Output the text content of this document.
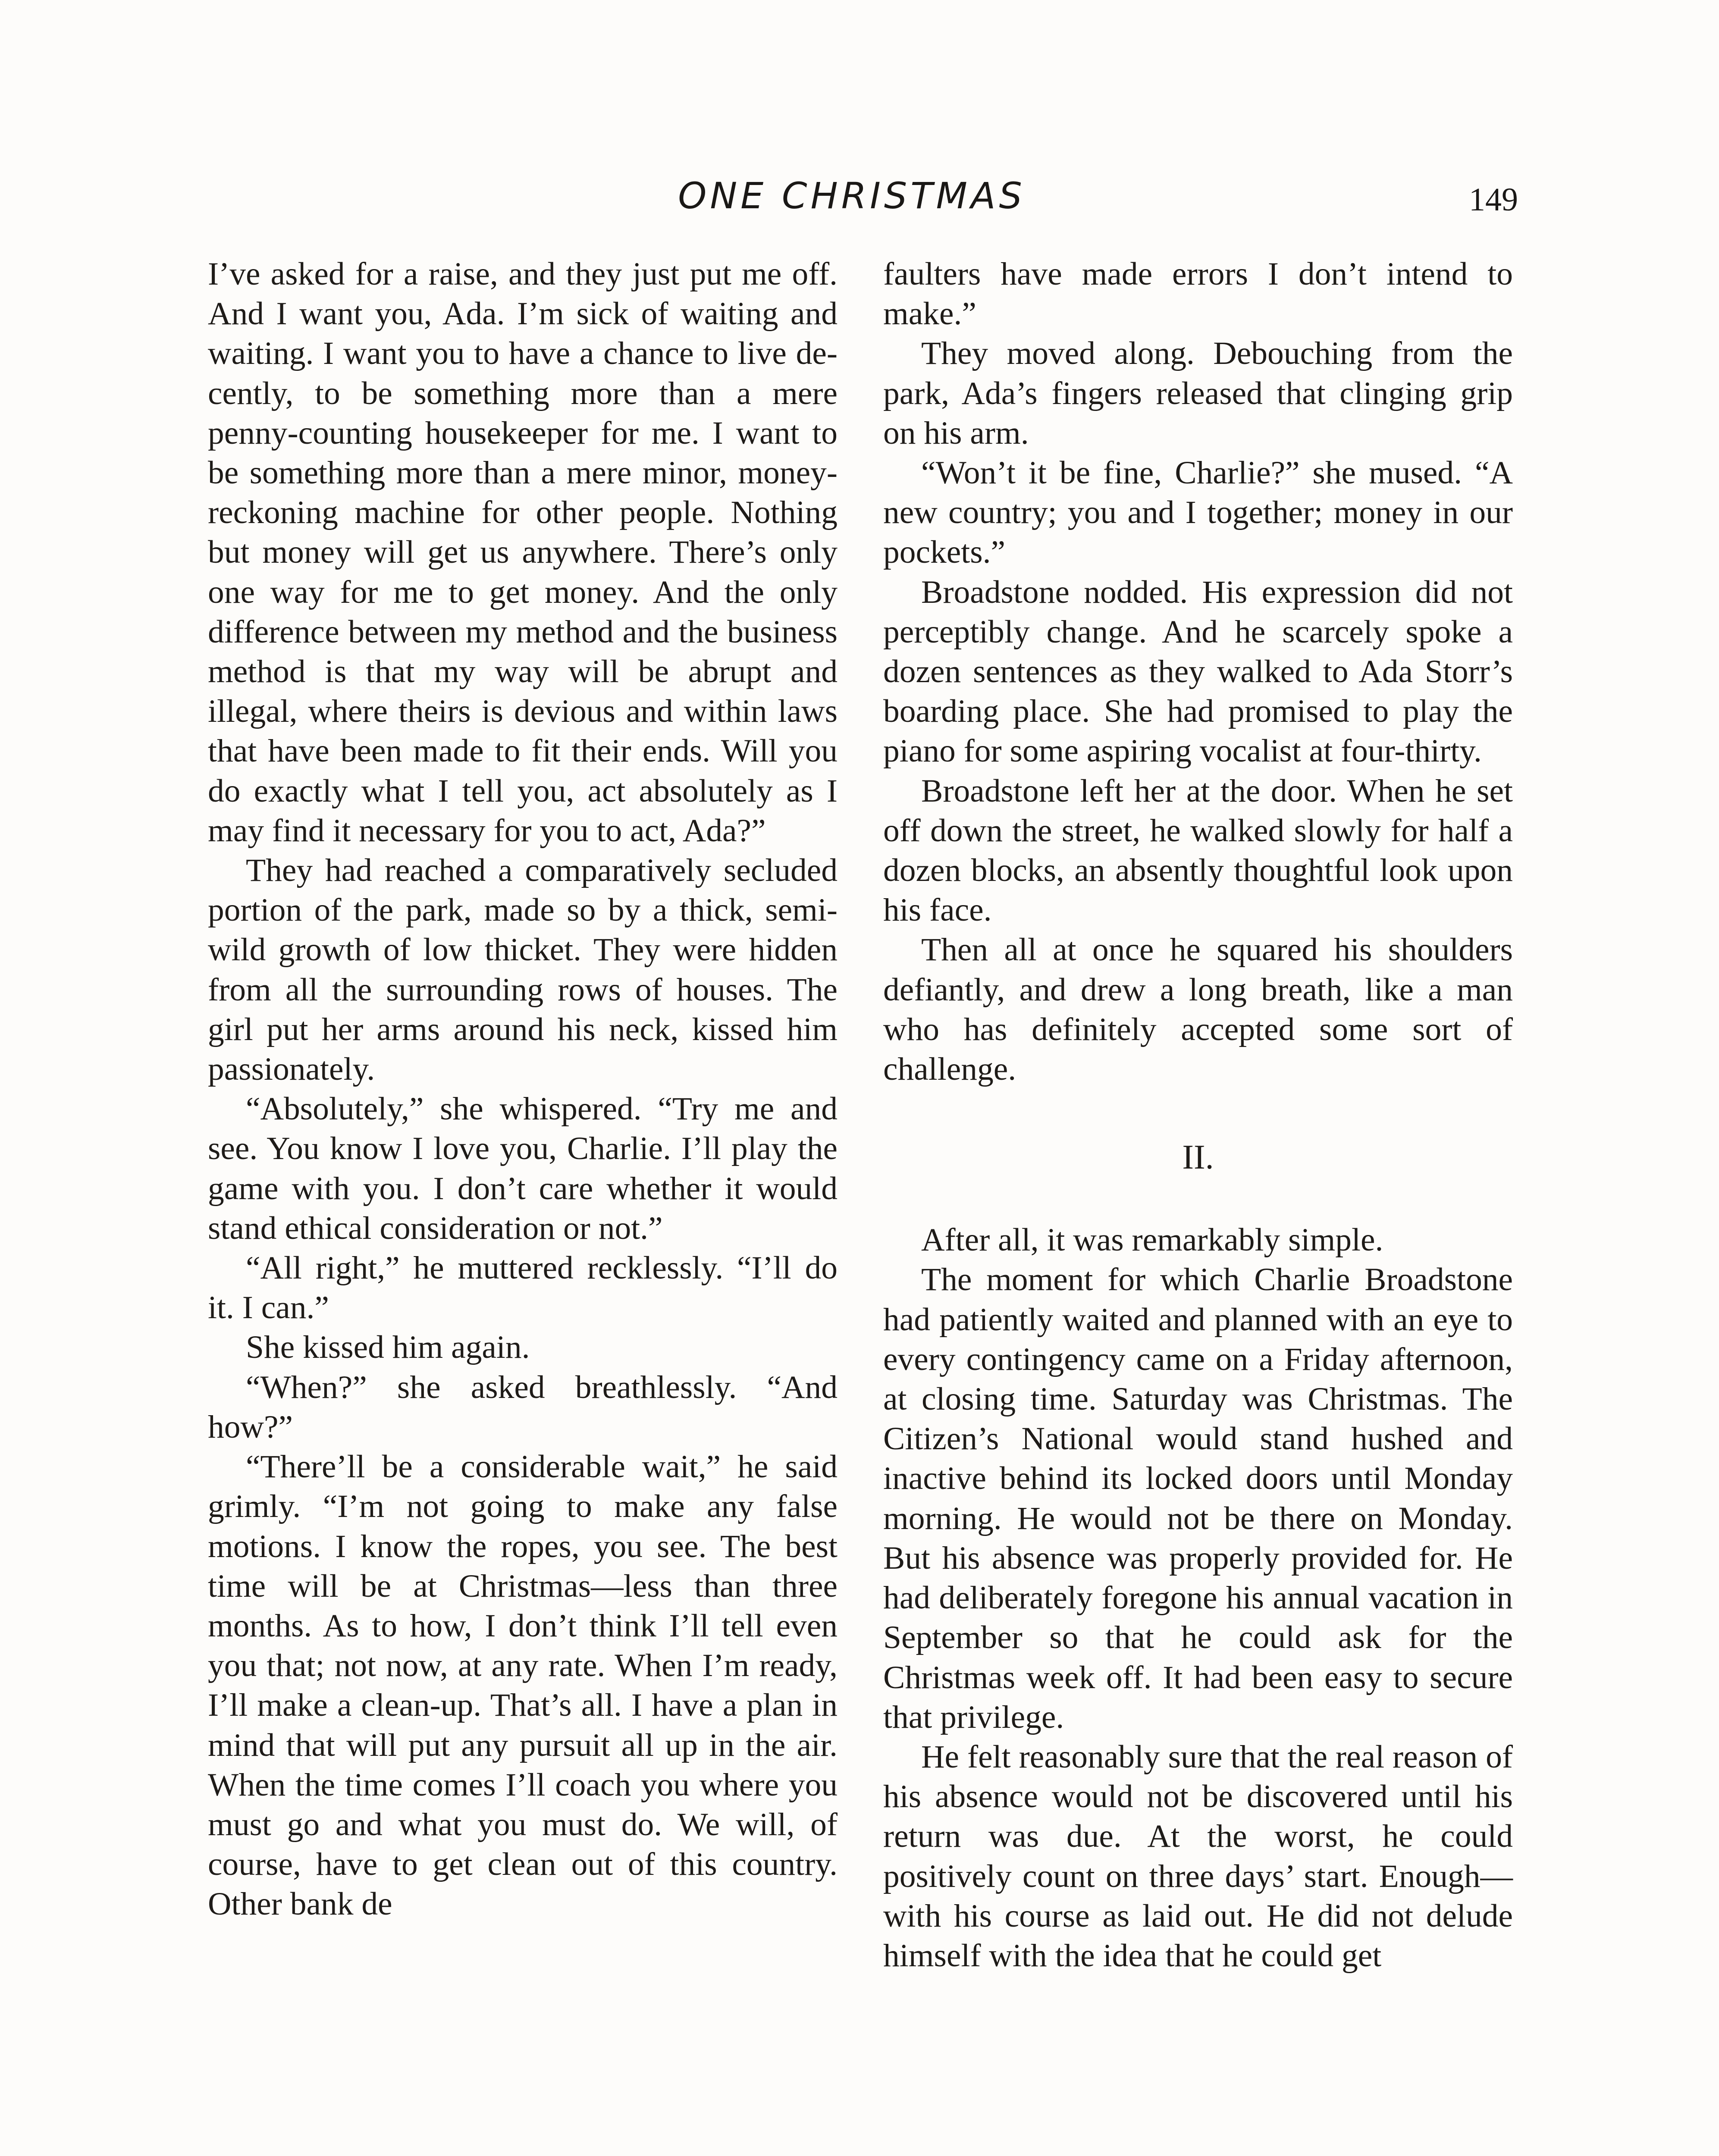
ONE CHRISTMAS	149

I’ve asked for a raise, and they just put me off. And I want you, Ada. I’m sick of waiting and waiting. I want you to have a chance to live decently, to be something more than a mere penny-counting housekeeper for me. I want to be something more than a mere minor, money-reckoning machine for other people. Nothing but money will get us anywhere. There’s only one way for me to get money. And the only difference between my method and the business method is that my way will be abrupt and illegal, where theirs is devious and within laws that have been made to fit their ends. Will you do exactly what I tell you, act absolutely as I may find it necessary for you to act, Ada?”

They had reached a comparatively secluded portion of the park, made so by a thick, semi-wild growth of low thicket. They were hidden from all the surrounding rows of houses. The girl put her arms around his neck, kissed him passionately.

“Absolutely,” she whispered. “Try me and see. You know I love you, Charlie. I’ll play the game with you. I don’t care whether it would stand ethical consideration or not.”

“All right,” he muttered recklessly. “I’ll do it. I can.”

She kissed him again.

“When?” she asked breathlessly. “And how?”

“There’ll be a considerable wait,” he said grimly. “I’m not going to make any false motions. I know the ropes, you see. The best time will be at Christmas—less than three months. As to how, I don’t think I’ll tell even you that; not now, at any rate. When I’m ready, I’ll make a clean-up. That’s all. I have a plan in mind that will put any pursuit all up in the air. When the time comes I’ll coach you where you must go and what you must do. We will, of course, have to get clean out of this country. Other bank de

faulters have made errors I don’t intend to make.”

They moved along. Debouching from the park, Ada’s fingers released that clinging grip on his arm.

“Won’t it be fine, Charlie?” she mused. “A new country; you and I together; money in our pockets.”

Broadstone nodded. His expression did not perceptibly change. And he scarcely spoke a dozen sentences as they walked to Ada Storr’s boarding place. She had promised to play the piano for some aspiring vocalist at four-thirty.

Broadstone left her at the door. When he set off down the street, he walked slowly for half a dozen blocks, an absently thoughtful look upon his face.

Then all at once he squared his shoulders defiantly, and drew a long breath, like a man who has definitely accepted some sort of challenge.

II.

After all, it was remarkably simple.

The moment for which Charlie Broadstone had patiently waited and planned with an eye to every contingency came on a Friday afternoon, at closing time. Saturday was Christmas. The Citizen’s National would stand hushed and inactive behind its locked doors until Monday morning. He would not be there on Monday. But his absence was properly provided for. He had deliberately foregone his annual vacation in September so that he could ask for the Christmas week off. It had been easy to secure that privilege.

He felt reasonably sure that the real reason of his absence would not be discovered until his return was due. At the worst, he could positively count on three days’ start. Enough—with his course as laid out. He did not delude himself with the idea that he could get
